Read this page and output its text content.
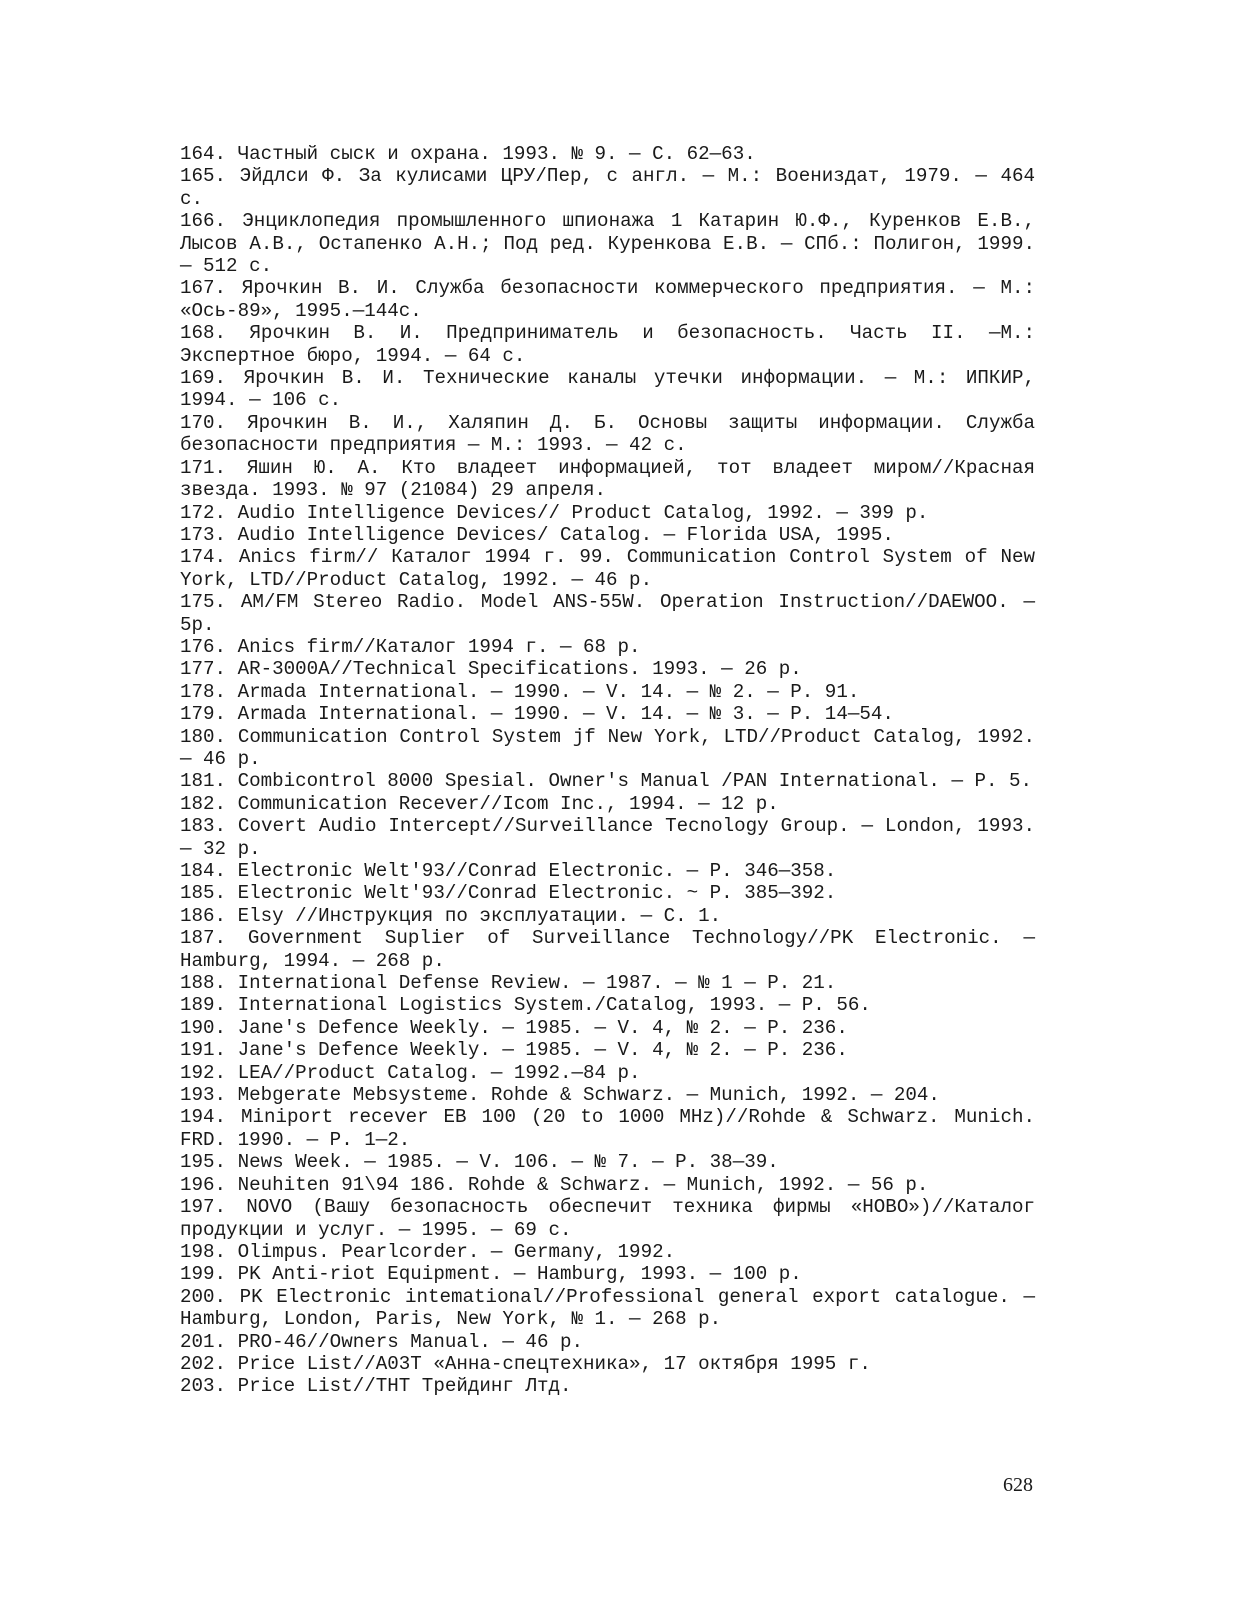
164. Частный сыск и охрана. 1993. № 9. — С. 62—63.
165. Эйдлси Ф. За кулисами ЦРУ/Пер, с англ. — М.: Воениздат, 1979. — 464 с.
166. Энциклопедия промышленного шпионажа 1 Катарин Ю.Ф., Куренков Е.В., Лысов А.В., Остапенко А.Н.; Под ред. Куренкова Е.В. — СПб.: Полигон, 1999. — 512 с.
167. Ярочкин В. И. Служба безопасности коммерческого предприятия. — М.: «Ось-89», 1995.—144с.
168. Ярочкин В. И. Предприниматель и безопасность. Часть II. —М.: Экспертное бюро, 1994. — 64 с.
169. Ярочкин В. И. Технические каналы утечки информации. — М.: ИПКИР, 1994. — 106 с.
170. Ярочкин В. И., Халяпин Д. Б. Основы защиты информации. Служба безопасности предприятия — М.: 1993. — 42 с.
171. Яшин Ю. А. Кто владеет информацией, тот владеет миром//Красная звезда. 1993. № 97 (21084) 29 апреля.
172. Audio Intelligence Devices// Product Catalog, 1992. — 399 p.
173. Audio Intelligence Devices/ Catalog. — Florida USA, 1995.
174. Anics firm// Каталог 1994 г. 99. Communication Control System of New York, LTD//Product Catalog, 1992. — 46 p.
175. AM/FM Stereo Radio. Model ANS-55W. Operation Instruction//DAEWOO. — 5p.
176. Anics firm//Каталог 1994 г. — 68 p.
177. AR-3000A//Technical Specifications. 1993. — 26 p.
178. Armada International. — 1990. — V. 14. — № 2. — P. 91.
179. Armada International. — 1990. — V. 14. — № 3. — P. 14—54.
180. Communication Control System jf New York, LTD//Product Catalog, 1992. — 46 p.
181. Combicontrol 8000 Spesial. Owner's Manual /PAN International. — P. 5.
182. Communication Recever//Icom Inc., 1994. — 12 p.
183. Covert Audio Intercept//Surveillance Tecnology Group. — London, 1993. — 32 p.
184. Electronic Welt'93//Conrad Electronic. — P. 346—358.
185. Electronic Welt'93//Conrad Electronic. ~ P. 385—392.
186. Elsy //Инструкция по эксплуатации. — С. 1.
187. Government Suplier of Surveillance Technology//PK Electronic. — Hamburg, 1994. — 268 p.
188. International Defense Review. — 1987. — № 1 — P. 21.
189. International Logistics System./Catalog, 1993. — P. 56.
190. Jane's Defence Weekly. — 1985. — V. 4, № 2. — P. 236.
191. Jane's Defence Weekly. — 1985. — V. 4, № 2. — P. 236.
192. LEA//Product Catalog. — 1992.—84 p.
193. Mebgerate Mebsysteme. Rohde & Schwarz. — Munich, 1992. — 204.
194. Miniport recever EB 100 (20 to 1000 MHz)//Rohde & Schwarz. Munich. FRD. 1990. — P. 1—2.
195. News Week. — 1985. — V. 106. — № 7. — P. 38—39.
196. Neuhiten 91\94 186. Rohde & Schwarz. — Munich, 1992. — 56 p.
197. NOVO (Вашу безопасность обеспечит техника фирмы «НОВО»)//Каталог продукции и услуг. — 1995. — 69 с.
198. Olimpus. Pearlcorder. — Germany, 1992.
199. PK Anti-riot Equipment. — Hamburg, 1993. — 100 p.
200. PK Electronic intemational//Professional general export catalogue. — Hamburg, London, Paris, New York, № 1. — 268 p.
201. PRO-46//Owners Manual. — 46 p.
202. Price List//A03T «Анна-спецтехника», 17 октября 1995 г.
203. Price List//THT Трейдинг Лтд.
628
